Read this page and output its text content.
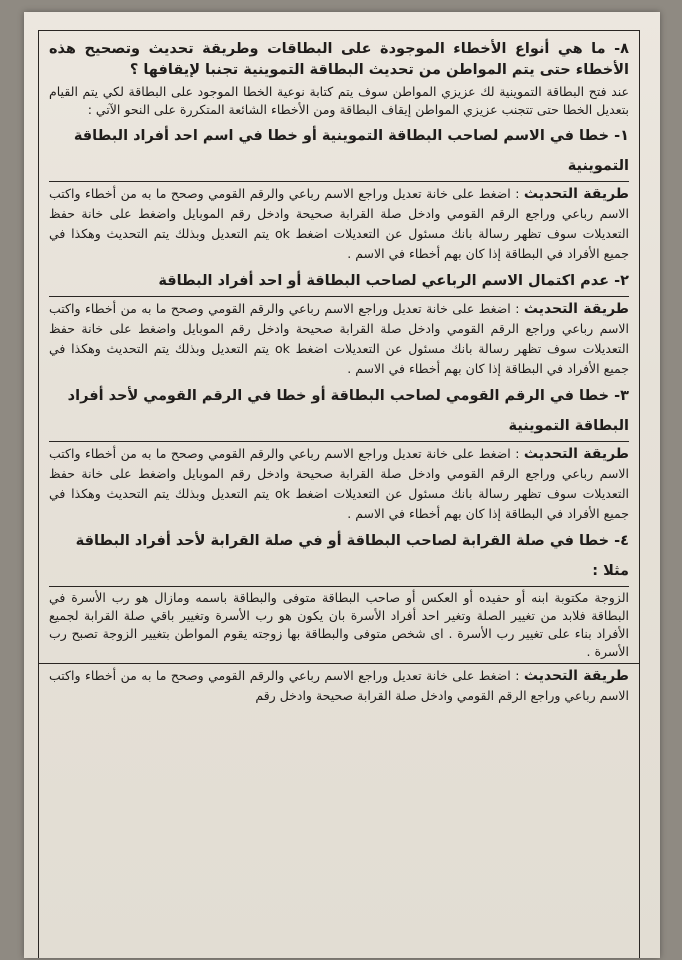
٨- ما هي أنواع الأخطاء الموجودة على البطاقات وطريقة تحديث وتصحيح هذه الأخطاء حتى يتم المواطن من تحديث البطاقة التموينية تجنبا لإيقافها ؟

عند فتح البطاقة التموينية لك عزيزي المواطن سوف يتم كتابة نوعية الخطا الموجود على البطاقة لكي يتم القيام بتعديل الخطا حتى تتجنب عزيزي المواطن إيقاف البطاقة ومن الأخطاء الشائعة المتكررة على النحو الآتي :

١- خطا في الاسم لصاحب البطاقة التموينية أو خطا في اسم احد أفراد البطاقة التموينية

طريقة التحديث : اضغط على خانة تعديل وراجع الاسم رباعي والرقم القومي وصحح ما به من أخطاء واكتب الاسم رباعي وراجع الرقم القومي وادخل صلة القرابة صحيحة وادخل رقم الموبايل واضغط على خانة حفظ التعديلات سوف تظهر رسالة بانك مسئول عن التعديلات اضغط ok يتم التعديل وبذلك يتم التحديث وهكذا في جميع الأفراد في البطاقة إذا كان بهم أخطاء في الاسم .

٢- عدم اكتمال الاسم الرباعي لصاحب البطاقة أو احد أفراد البطاقة

طريقة التحديث : اضغط على خانة تعديل وراجع الاسم رباعي والرقم القومي وصحح ما به من أخطاء واكتب الاسم رباعي وراجع الرقم القومي وادخل صلة القرابة صحيحة وادخل رقم الموبايل واضغط على خانة حفظ التعديلات سوف تظهر رسالة بانك مسئول عن التعديلات اضغط ok يتم التعديل وبذلك يتم التحديث وهكذا في جميع الأفراد في البطاقة إذا كان بهم أخطاء في الاسم .

٣- خطا في الرقم القومي لصاحب البطاقة أو خطا في الرقم القومي لأحد أفراد البطاقة التموينية

طريقة التحديث : اضغط على خانة تعديل وراجع الاسم رباعي والرقم القومي وصحح ما به من أخطاء واكتب الاسم رباعي وراجع الرقم القومي وادخل صلة القرابة صحيحة وادخل رقم الموبايل واضغط على خانة حفظ التعديلات سوف تظهر رسالة بانك مسئول عن التعديلات اضغط ok يتم التعديل وبذلك يتم التحديث وهكذا في جميع الأفراد في البطاقة إذا كان بهم أخطاء في الاسم .

٤- خطا في صلة القرابة لصاحب البطاقة أو في صلة القرابة لأحد أفراد البطاقة مثلا :

الزوجة مكتوبة ابنه أو حفيده أو العكس أو صاحب البطاقة متوفى والبطاقة باسمه ومازال هو رب الأسرة في البطاقة فلابد من تغيير الصلة وتغير احد أفراد الأسرة بان يكون هو رب الأسرة وتغيير باقي صلة القرابة لجميع الأفراد بناء على تغيير رب الأسرة . اى شخص متوفى والبطاقة بها زوجته يقوم المواطن بتغيير الزوجة تصبح رب الأسرة .

طريقة التحديث : اضغط على خانة تعديل وراجع الاسم رباعي والرقم القومي وصحح ما به من أخطاء واكتب الاسم رباعي وراجع الرقم القومي وادخل صلة القرابة صحيحة وادخل رقم
